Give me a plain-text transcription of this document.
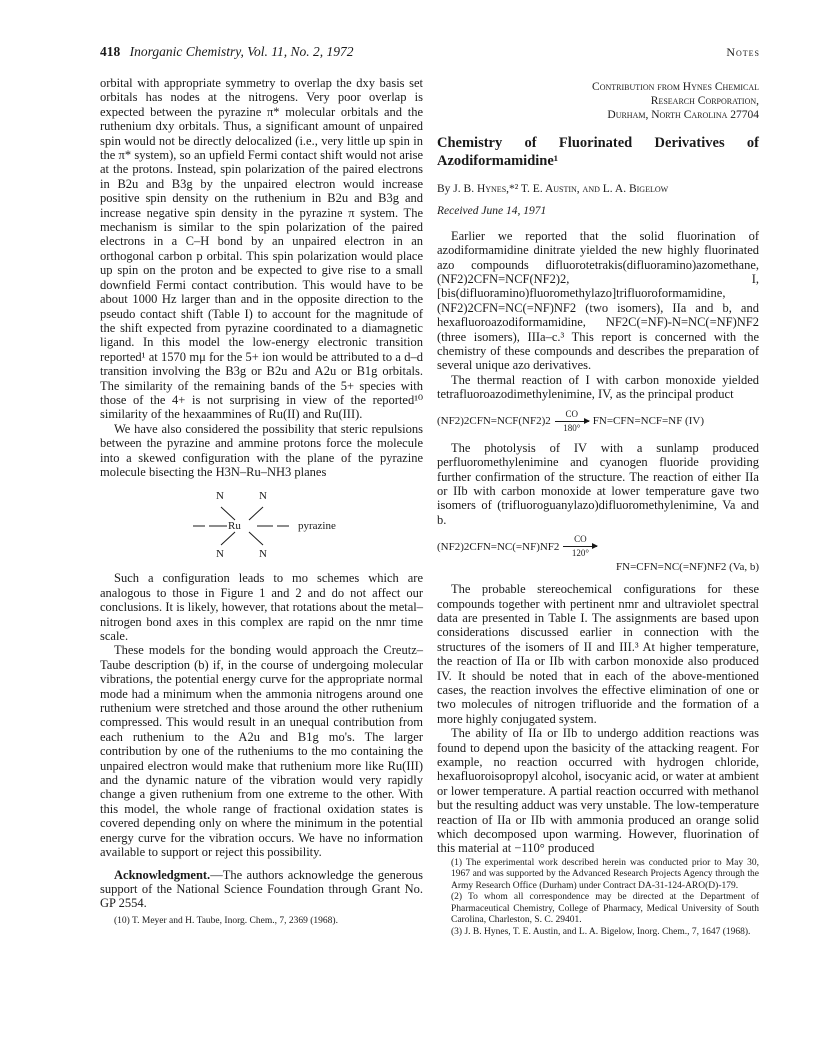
418 Inorganic Chemistry, Vol. 11, No. 2, 1972	Notes

orbital with appropriate symmetry to overlap the dxy basis set orbitals has nodes at the nitrogens. Very poor overlap is expected between the pyrazine π* molecular orbitals and the ruthenium dxy orbitals. Thus, a significant amount of unpaired spin would not be directly delocalized (i.e., very little up spin in the π* system), so an upfield Fermi contact shift would not arise at the protons. Instead, spin polarization of the paired electrons in B2u and B3g by the unpaired electron would increase positive spin density on the ruthenium in B2u and B3g and increase negative spin density in the pyrazine π system. The mechanism is similar to the spin polarization of the paired electrons in a C–H bond by an unpaired electron in an orthogonal carbon p orbital. This spin polarization would place up spin on the proton and be expected to give rise to a small downfield Fermi contact contribution. This would have to be about 1000 Hz larger than and in the opposite direction to the pseudo contact shift (Table I) to account for the magnitude of the shift expected from pyrazine coordinated to a diamagnetic ligand. In this model the low-energy electronic transition reported¹ at 1570 mμ for the 5+ ion would be attributed to a d–d transition involving the B3g or B2u and A2u or B1g orbitals. The similarity of the remaining bands of the 5+ species with those of the 4+ is not surprising in view of the reported¹⁰ similarity of the hexaammines of Ru(II) and Ru(III).

We have also considered the possibility that steric repulsions between the pyrazine and ammine protons force the molecule into a skewed configuration with the plane of the pyrazine molecule bisecting the H3N–Ru–NH3 planes

N	N
Ru	pyrazine
N	N

Such a configuration leads to mo schemes which are analogous to those in Figure 1 and 2 and do not affect our conclusions. It is likely, however, that rotations about the metal–nitrogen bond axes in this complex are rapid on the nmr time scale.

These models for the bonding would approach the Creutz–Taube description (b) if, in the course of undergoing molecular vibrations, the potential energy curve for the appropriate normal mode had a minimum when the ammonia nitrogens around one ruthenium were stretched and those around the other ruthenium compressed. This would result in an unequal contribution from each ruthenium to the A2u and B1g mo's. The larger contribution by one of the rutheniums to the mo containing the unpaired electron would make that ruthenium more like Ru(III) and the dynamic nature of the vibration would very rapidly change a given ruthenium from one extreme to the other. With this model, the whole range of fractional oxidation states is covered depending only on where the minimum in the potential energy curve for the vibration occurs. We have no information available to support or reject this possibility.

Acknowledgment.—The authors acknowledge the generous support of the National Science Foundation through Grant No. GP 2554.

(10) T. Meyer and H. Taube, Inorg. Chem., 7, 2369 (1968).

Contribution from Hynes Chemical
Research Corporation,
Durham, North Carolina 27704
Chemistry of Fluorinated Derivatives of Azodiformamidine¹
By J. B. Hynes,*² T. E. Austin, and L. A. Bigelow
Received June 14, 1971

Earlier we reported that the solid fluorination of azodiformamidine dinitrate yielded the new highly fluorinated azo compounds difluorotetrakis(difluoramino)azomethane, (NF2)2CFN=NCF(NF2)2, I, [bis(difluoramino)fluoromethylazo]trifluoroformamidine, (NF2)2CFN=NC(=NF)NF2 (two isomers), IIa and b, and hexafluoroazodiformamidine, NF2C(=NF)-N=NC(=NF)NF2 (three isomers), IIIa–c.³ This report is concerned with the chemistry of these compounds and describes the preparation of several unique azo derivatives.

The thermal reaction of I with carbon monoxide yielded tetrafluoroazodimethylenimine, IV, as the principal product

(NF2)2CFN=NCF(NF2)2
CO
180°
FN=CFN=NCF=NF (IV)

The photolysis of IV with a sunlamp produced perfluoromethylenimine and cyanogen fluoride providing further confirmation of the structure. The reaction of either IIa or IIb with carbon monoxide at lower temperature gave two isomers of (trifluoroguanylazo)difluoromethylenimine, Va and b.

(NF2)2CFN=NC(=NF)NF2
CO
120°
FN=CFN=NC(=NF)NF2 (Va, b)

The probable stereochemical configurations for these compounds together with pertinent nmr and ultraviolet spectral data are presented in Table I. The assignments are based upon considerations discussed earlier in connection with the structures of the isomers of II and III.³ At higher temperature, the reaction of IIa or IIb with carbon monoxide also produced IV. It should be noted that in each of the above-mentioned cases, the reaction involves the effective elimination of one or two molecules of nitrogen trifluoride and the formation of a more highly conjugated system.

The ability of IIa or IIb to undergo addition reactions was found to depend upon the basicity of the attacking reagent. For example, no reaction occurred with hydrogen chloride, hexafluoroisopropyl alcohol, isocyanic acid, or water at ambient or lower temperature. A partial reaction occurred with methanol but the resulting adduct was very unstable. The low-temperature reaction of IIa or IIb with ammonia produced an orange solid which decomposed upon warming. However, fluorination of this material at −110° produced

(1) The experimental work described herein was conducted prior to May 30, 1967 and was supported by the Advanced Research Projects Agency through the Army Research Office (Durham) under Contract DA-31-124-ARO(D)-179.

(2) To whom all correspondence may be directed at the Department of Pharmaceutical Chemistry, College of Pharmacy, Medical University of South Carolina, Charleston, S. C. 29401.

(3) J. B. Hynes, T. E. Austin, and L. A. Bigelow, Inorg. Chem., 7, 1647 (1968).
